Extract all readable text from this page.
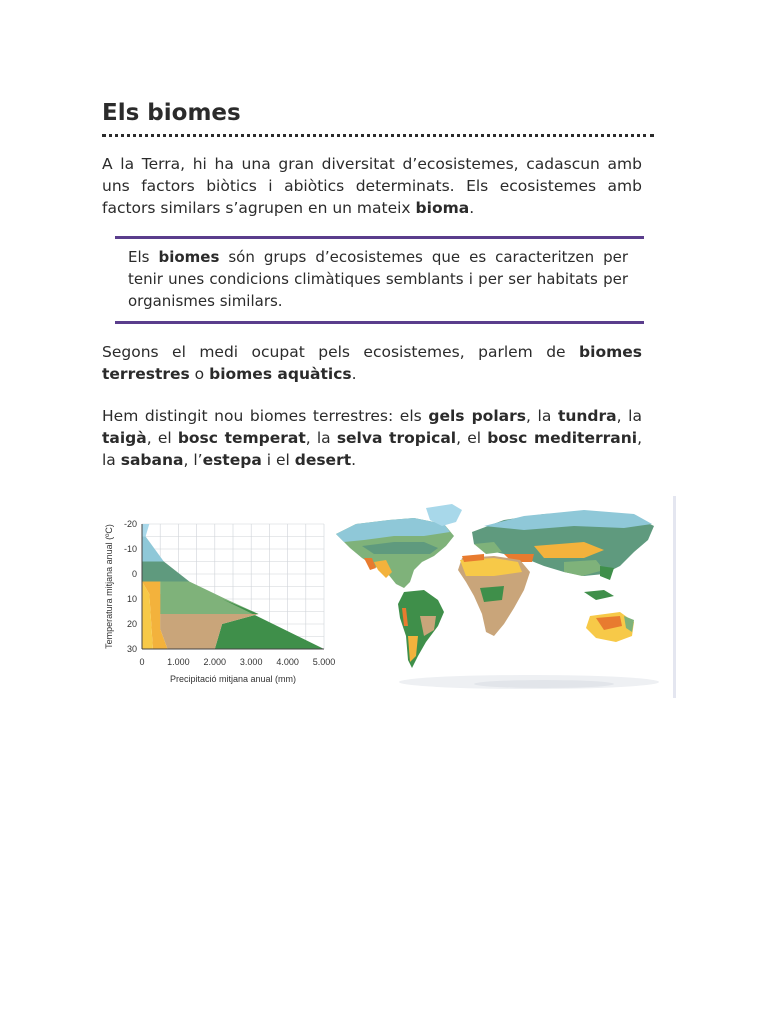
Els biomes

A la Terra, hi ha una gran diversitat d’ecosistemes, cadascun amb uns factors biòtics i abiòtics determinats. Els ecosistemes amb factors similars s’agrupen en un mateix bioma.

Els biomes són grups d’ecosistemes que es caracteritzen per tenir unes condicions climàtiques semblants i per ser habitats per organismes similars.

Segons el medi ocupat pels ecosistemes, parlem de biomes terrestres o biomes aquàtics.

Hem distingit nou biomes terrestres: els gels polars, la tundra, la taigà, el bosc temperat, la selva tropical, el bosc mediterrani, la sabana, l’estepa i el desert.

0	1.000 2.000 3.000 4.000 5.000
-20
-10
0
10
20
30
Precipitació mitjana anual (mm)
Temperatura mitjana anual (ºC)
